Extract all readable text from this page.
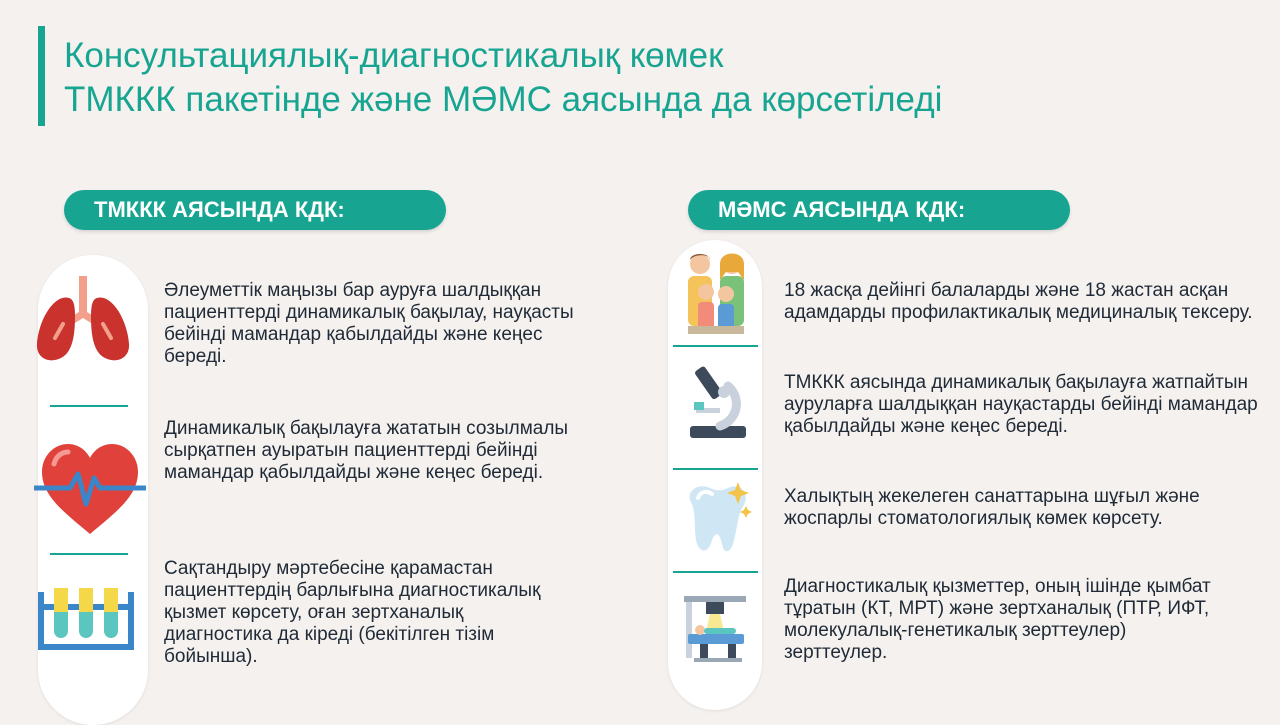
Консультациялық-диагностикалық көмек
ТМККК пакетінде және МӘМС аясында да көрсетіледі
ТМККК АЯСЫНДА КДК:	МӘМС АЯСЫНДА КДК:

Әлеуметтік маңызы бар ауруға шалдыққан пациенттерді динамикалық бақылау, науқасты бейінді мамандар қабылдайды және кеңес береді.

Динамикалық бақылауға жататын созылмалы сырқатпен ауыратын пациенттерді бейінді мамандар қабылдайды және кеңес береді.

Сақтандыру мәртебесіне қарамастан пациенттердің барлығына диагностикалық қызмет көрсету, оған зертханалық диагностика да кіреді (бекітілген тізім бойынша).

18 жасқа дейінгі балаларды және 18 жастан асқан адамдарды профилактикалық медициналық тексеру.

ТМККК аясында динамикалық бақылауға жатпайтын ауруларға шалдыққан науқастарды бейінді мамандар қабылдайды және кеңес береді.

Халықтың жекелеген санаттарына шұғыл және жоспарлы стоматологиялық көмек көрсету.

Диагностикалық қызметтер, оның ішінде қымбат тұратын (КТ, МРТ) және зертханалық (ПТР, ИФТ, молекулалық-генетикалық зерттеулер) зерттеулер.
